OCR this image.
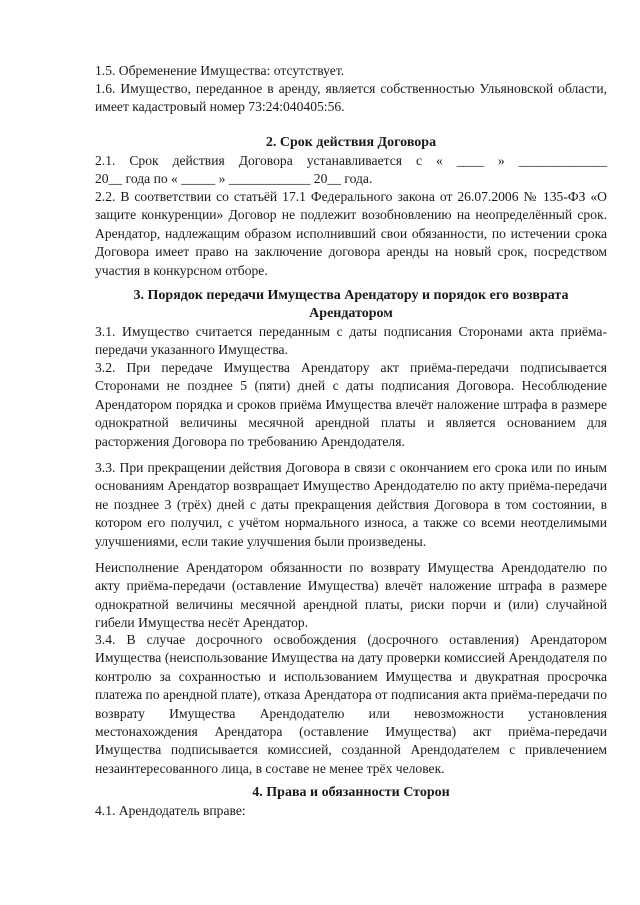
1.5. Обременение Имущества: отсутствует.

1.6. Имущество, переданное в аренду, является собственностью Ульяновской области, имеет кадастровый номер 73:24:040405:56.

2. Срок действия Договора

2.1. Срок действия Договора устанавливается с « ____ » _____________

20__ года по « _____ » ____________ 20__ года.

2.2. В соответствии со статьёй 17.1 Федерального закона от 26.07.2006 № 135-ФЗ «О защите конкуренции» Договор не подлежит возобновлению на неопределённый срок. Арендатор, надлежащим образом исполнивший свои обязанности, по истечении срока Договора имеет право на заключение договора аренды на новый срок, посредством участия в конкурсном отборе.

3. Порядок передачи Имущества Арендатору и порядок его возврата Арендатором

3.1. Имущество считается переданным с даты подписания Сторонами акта приёма-передачи указанного Имущества.

3.2. При передаче Имущества Арендатору акт приёма-передачи подписывается Сторонами не позднее 5 (пяти) дней с даты подписания Договора. Несоблюдение Арендатором порядка и сроков приёма Имущества влечёт наложение штрафа в размере однократной величины месячной арендной платы и является основанием для расторжения Договора по требованию Арендодателя.

3.3. При прекращении действия Договора в связи с окончанием его срока или по иным основаниям Арендатор возвращает Имущество Арендодателю по акту приёма-передачи не позднее 3 (трёх) дней с даты прекращения действия Договора в том состоянии, в котором его получил, с учётом нормального износа, а также со всеми неотделимыми улучшениями, если такие улучшения были произведены.

Неисполнение Арендатором обязанности по возврату Имущества Арендодателю по акту приёма-передачи (оставление Имущества) влечёт наложение штрафа в размере однократной величины месячной арендной платы, риски порчи и (или) случайной гибели Имущества несёт Арендатор.

3.4. В случае досрочного освобождения (досрочного оставления) Арендатором Имущества (неиспользование Имущества на дату проверки комиссией Арендодателя по контролю за сохранностью и использованием Имущества и двукратная просрочка платежа по арендной плате), отказа Арендатора от подписания акта приёма-передачи по возврату Имущества Арендодателю или невозможности установления местонахождения Арендатора (оставление Имущества) акт приёма-передачи Имущества подписывается комиссией, созданной Арендодателем с привлечением незаинтересованного лица, в составе не менее трёх человек.

4. Права и обязанности Сторон

4.1. Арендодатель вправе:
